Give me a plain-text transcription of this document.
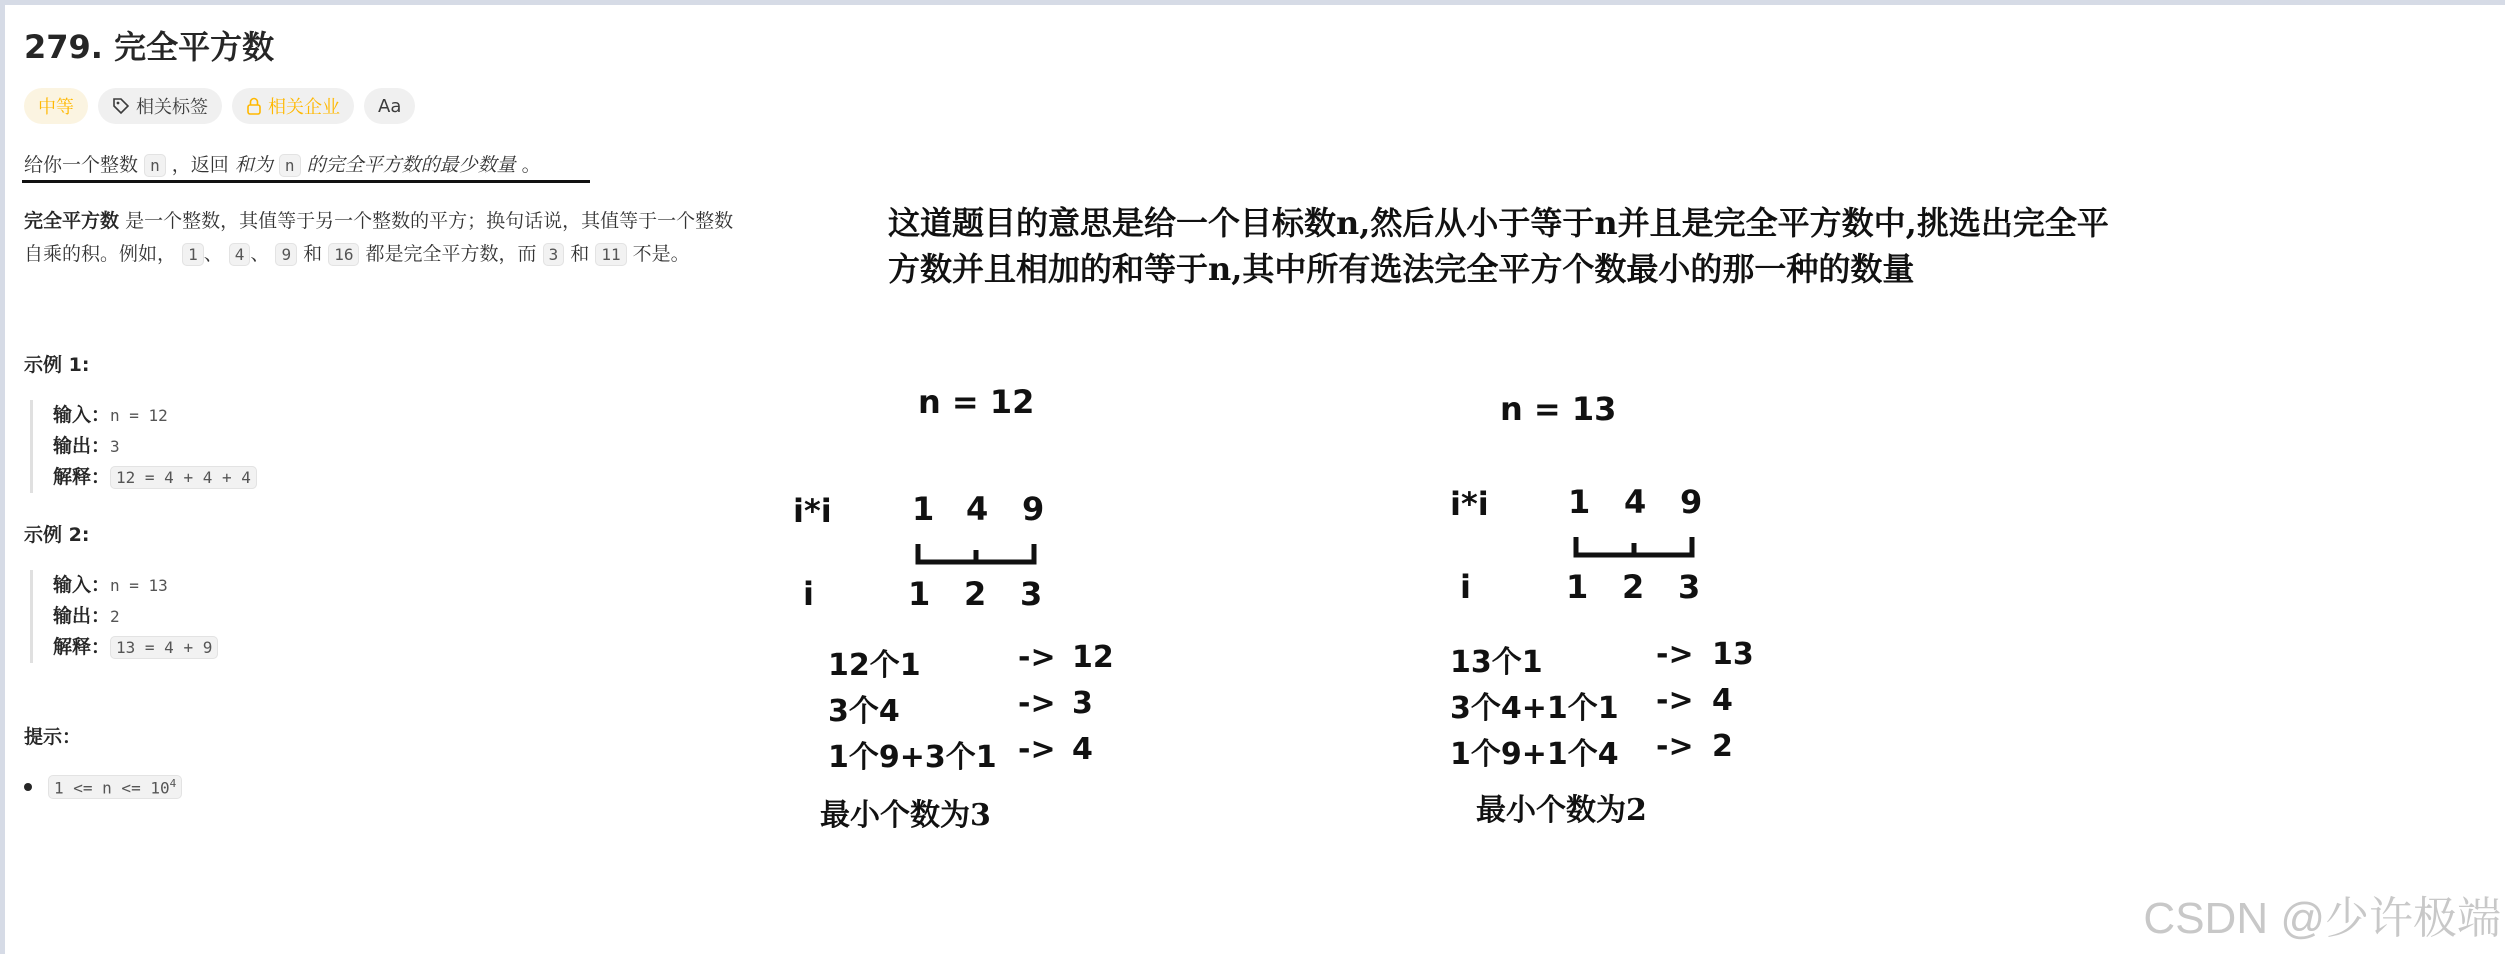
279. 完全平方数
中等	相关标签	相关企业 Aa
给你一个整数 n ，返回 和为 n 的完全平方数的最少数量 。
完全平方数 是一个整数，其值等于另一个整数的平方；换句话说，其值等于一个整数
自乘的积。例如， 1 、 4 、 9 和 16 都是完全平方数，而 3 和 11 不是。
示例 1:
输入：n = 12
输出：3
解释： 12 = 4 + 4 + 4
示例 2:
输入：n = 13
输出：2
解释： 13 = 4 + 9
提示：
$1 <= n <= 10^4$
这道题目的意思是给一个目标数n,然后从小于等于n并且是完全平方数中,挑选出完全平方数并且相加的和等于n,其中所有选法完全平方个数最小的那一种的数量
n = 12
i*i	1 4 9
i	1 2 3
12个1	-> 12
3个4	-> 3
1个9+3个1 -> 4
最小个数为3
n = 13
i*i 1 4 9
i	1 2 3
13个1	-> 13
3个4+1个1 -> 4
1个9+1个4 -> 2
最小个数为2
CSDN @少许极端
